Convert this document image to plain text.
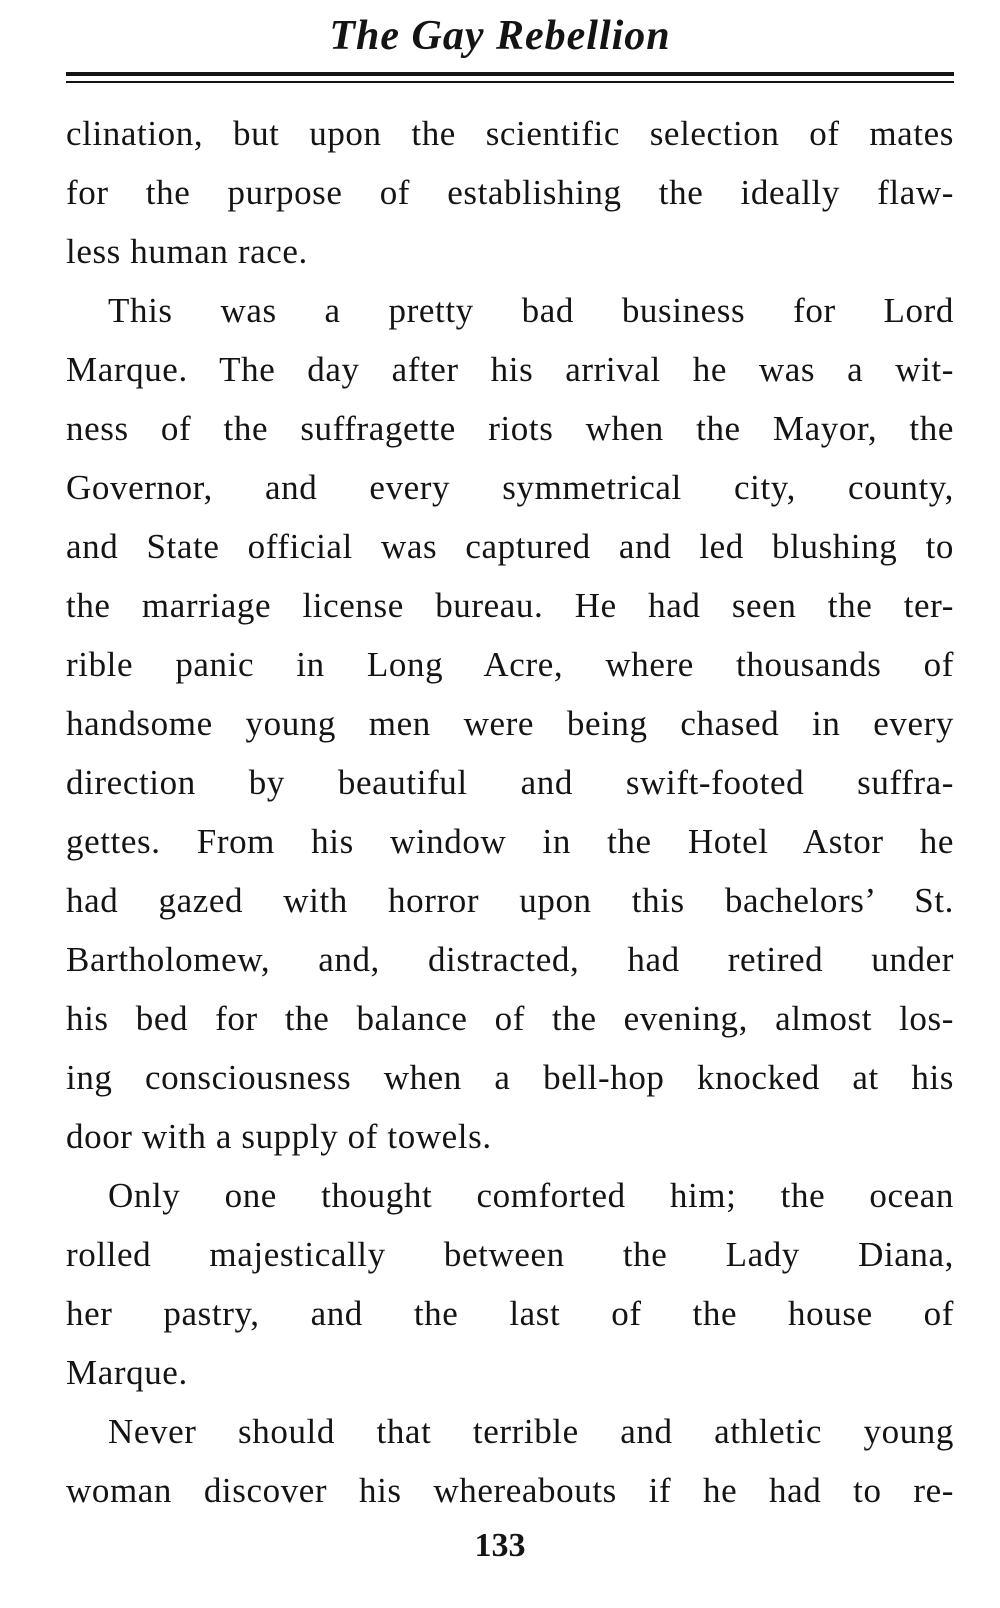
The Gay Rebellion
clination, but upon the scientific selection of mates
for the purpose of establishing the ideally flaw-
less human race.
This was a pretty bad business for Lord
Marque. The day after his arrival he was a wit-
ness of the suffragette riots when the Mayor, the
Governor, and every symmetrical city, county,
and State official was captured and led blushing to
the marriage license bureau. He had seen the ter-
rible panic in Long Acre, where thousands of
handsome young men were being chased in every
direction by beautiful and swift-footed suffra-
gettes. From his window in the Hotel Astor he
had gazed with horror upon this bachelors’ St.
Bartholomew, and, distracted, had retired under
his bed for the balance of the evening, almost los-
ing consciousness when a bell-hop knocked at his
door with a supply of towels.
Only one thought comforted him; the ocean
rolled majestically between the Lady Diana,
her pastry, and the last of the house of
Marque.
Never should that terrible and athletic young
woman discover his whereabouts if he had to re-
133
